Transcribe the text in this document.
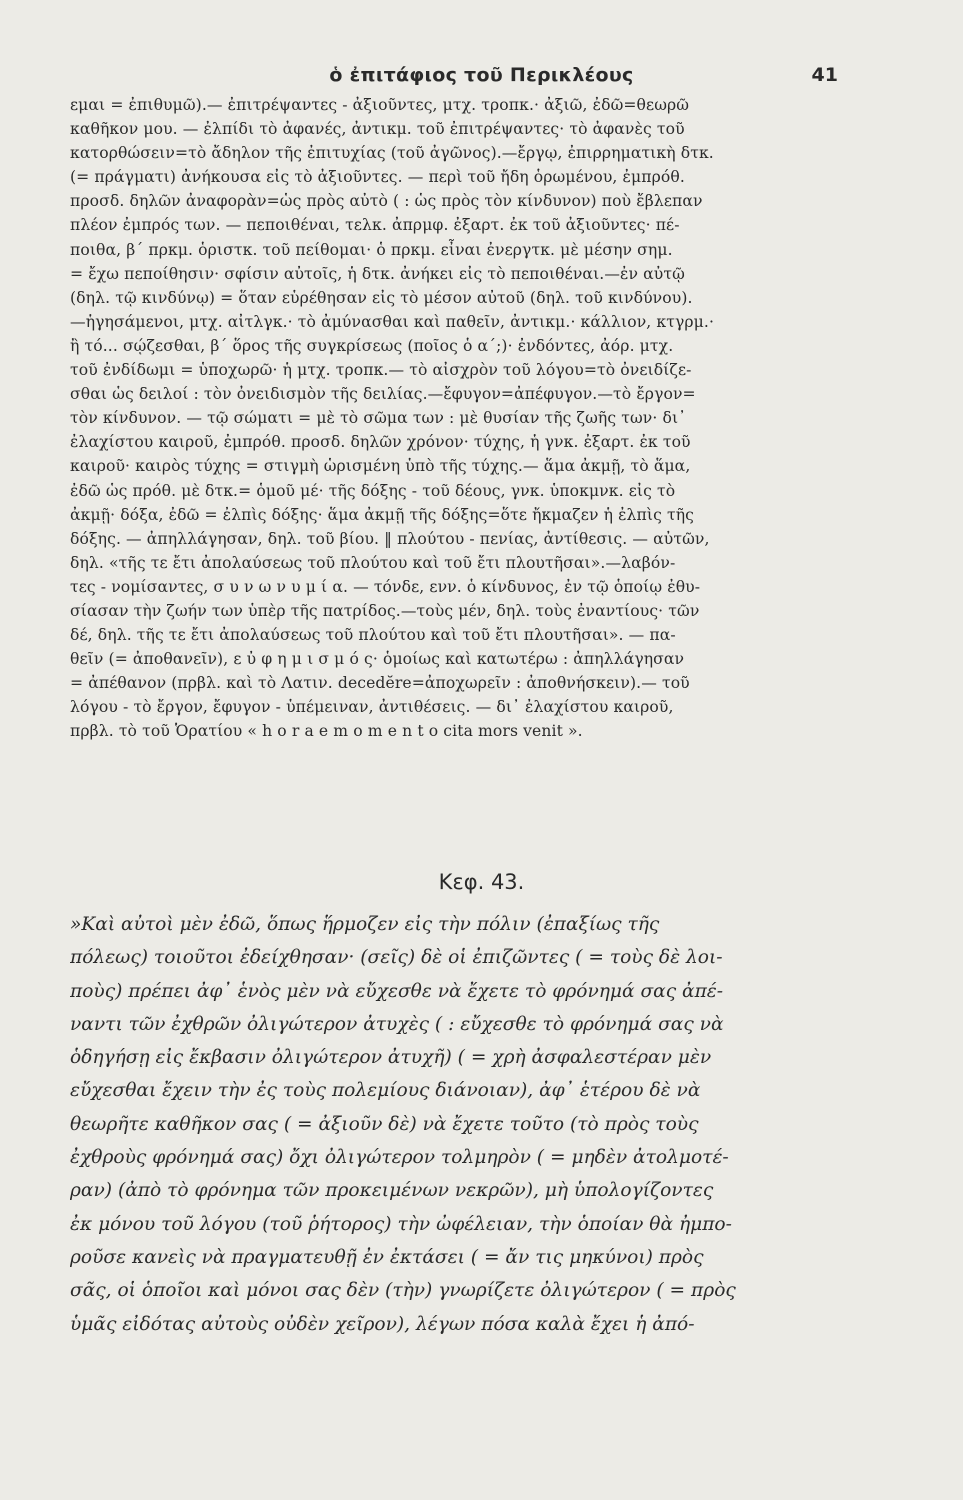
ὁ ἐπιτάφιος τοῦ Περικλέους	41
εμαι = ἐπιθυμῶ).— ἐπιτρέψαντες - ἀξιοῦντες, μτχ. τροπκ.· ἀξιῶ, ἐδῶ=θεωρῶ
καθῆκον μου. — ἐλπίδι τὸ ἀφανές, ἀντικμ. τοῦ ἐπιτρέψαντες· τὸ ἀφανὲς τοῦ
κατορθώσειν=τὸ ἄδηλον τῆς ἐπιτυχίας (τοῦ ἀγῶνος).—ἔργῳ, ἐπιρρηματικὴ δτκ.
(= πράγματι) ἀνήκουσα εἰς τὸ ἀξιοῦντες. — περὶ τοῦ ἤδη ὁρωμένου, ἐμπρόθ.
προσδ. δηλῶν ἀναφορὰν=ὡς πρὸς αὐτὸ ( : ὡς πρὸς τὸν κίνδυνον) ποὺ ἔβλεπαν
πλέον ἐμπρός των. — πεποιθέναι, τελκ. ἀπρμφ. ἐξαρτ. ἐκ τοῦ ἀξιοῦντες· πέ-
ποιθα, β΄ πρκμ. ὁριστκ. τοῦ πείθομαι· ὁ πρκμ. εἶναι ἐνεργτκ. μὲ μέσην σημ.
= ἔχω πεποίθησιν· σφίσιν αὐτοῖς, ἡ δτκ. ἀνήκει εἰς τὸ πεποιθέναι.—ἐν αὐτῷ
(δηλ. τῷ κινδύνῳ) = ὅταν εὑρέθησαν εἰς τὸ μέσον αὐτοῦ (δηλ. τοῦ κινδύνου).
—ἡγησάμενοι, μτχ. αἰτλγκ.· τὸ ἀμύνασθαι καὶ παθεῖν, ἀντικμ.· κάλλιον, κτγρμ.·
ἢ τό... σῴζεσθαι, β΄ ὅρος τῆς συγκρίσεως (ποῖος ὁ α΄;)· ἐνδόντες, ἀόρ. μτχ.
τοῦ ἐνδίδωμι = ὑποχωρῶ· ἡ μτχ. τροπκ.— τὸ αἰσχρὸν τοῦ λόγου=τὸ ὀνειδίζε-
σθαι ὡς δειλοί : τὸν ὀνειδισμὸν τῆς δειλίας.—ἔφυγον=ἀπέφυγον.—τὸ ἔργον=
τὸν κίνδυνον. — τῷ σώματι = μὲ τὸ σῶμα των : μὲ θυσίαν τῆς ζωῆς των· δι᾽
ἐλαχίστου καιροῦ, ἐμπρόθ. προσδ. δηλῶν χρόνον· τύχης, ἡ γνκ. ἐξαρτ. ἐκ τοῦ
καιροῦ· καιρὸς τύχης = στιγμὴ ὡρισμένη ὑπὸ τῆς τύχης.— ἅμα ἀκμῇ, τὸ ἅμα,
ἐδῶ ὡς πρόθ. μὲ δτκ.= ὁμοῦ μέ· τῆς δόξης - τοῦ δέους, γνκ. ὑποκμνκ. εἰς τὸ
ἀκμῇ· δόξα, ἐδῶ = ἐλπὶς δόξης· ἅμα ἀκμῇ τῆς δόξης=ὅτε ἤκμαζεν ἡ ἐλπὶς τῆς
δόξης. — ἀπηλλάγησαν, δηλ. τοῦ βίου. ‖ πλούτου - πενίας, ἀντίθεσις. — αὐτῶν,
δηλ. «τῆς τε ἔτι ἀπολαύσεως τοῦ πλούτου καὶ τοῦ ἔτι πλουτῆσαι».—λαβόν-
τες - νομίσαντες, σ υ ν ω ν υ μ ί α. — τόνδε, ενν. ὁ κίνδυνος, ἐν τῷ ὁποίῳ ἐθυ-
σίασαν τὴν ζωήν των ὑπὲρ τῆς πατρίδος.—τοὺς μέν, δηλ. τοὺς ἐναντίους· τῶν
δέ, δηλ. τῆς τε ἔτι ἀπολαύσεως τοῦ πλούτου καὶ τοῦ ἔτι πλουτῆσαι». — πα-
θεῖν (= ἀποθανεῖν), ε ὐ φ η μ ι σ μ ό ς· ὁμοίως καὶ κατωτέρω : ἀπηλλάγησαν
= ἀπέθανον (πρβλ. καὶ τὸ Λατιν. decedĕre=ἀποχωρεῖν : ἀποθνήσκειν).— τοῦ
λόγου - τὸ ἔργον, ἔφυγον - ὑπέμειναν, ἀντιθέσεις. — δι᾽ ἐλαχίστου καιροῦ,
πρβλ. τὸ τοῦ Ὁρατίου « h o r a e m o m e n t o cita mors venit ».
Κεφ. 43.
»Καὶ αὐτοὶ μὲν ἐδῶ, ὅπως ἥρμοζεν εἰς τὴν πόλιν (ἐπαξίως τῆς
πόλεως) τοιοῦτοι ἐδείχθησαν· (σεῖς) δὲ οἱ ἐπιζῶντες ( = τοὺς δὲ λοι-
ποὺς) πρέπει ἀφ᾽ ἑνὸς μὲν νὰ εὔχεσθε νὰ ἔχετε τὸ φρόνημά σας ἀπέ-
ναντι τῶν ἐχθρῶν ὀλιγώτερον ἀτυχὲς ( : εὔχεσθε τὸ φρόνημά σας νὰ
ὁδηγήσῃ εἰς ἔκβασιν ὀλιγώτερον ἀτυχῆ) ( = χρὴ ἀσφαλεστέραν μὲν
εὔχεσθαι ἔχειν τὴν ἐς τοὺς πολεμίους διάνοιαν), ἀφ᾽ ἑτέρου δὲ νὰ
θεωρῆτε καθῆκον σας ( = ἀξιοῦν δὲ) νὰ ἔχετε τοῦτο (τὸ πρὸς τοὺς
ἐχθροὺς φρόνημά σας) ὄχι ὀλιγώτερον τολμηρὸν ( = μηδὲν ἀτολμοτέ-
ραν) (ἀπὸ τὸ φρόνημα τῶν προκειμένων νεκρῶν), μὴ ὑπολογίζοντες
ἐκ μόνου τοῦ λόγου (τοῦ ῥήτορος) τὴν ὠφέλειαν, τὴν ὁποίαν θὰ ἠμπο-
ροῦσε κανεὶς νὰ πραγματευθῇ ἐν ἐκτάσει ( = ἄν τις μηκύνοι) πρὸς
σᾶς, οἱ ὁποῖοι καὶ μόνοι σας δὲν (τὴν) γνωρίζετε ὀλιγώτερον ( = πρὸς
ὑμᾶς εἰδότας αὐτοὺς οὐδὲν χεῖρον), λέγων πόσα καλὰ ἔχει ἡ ἀπό-
